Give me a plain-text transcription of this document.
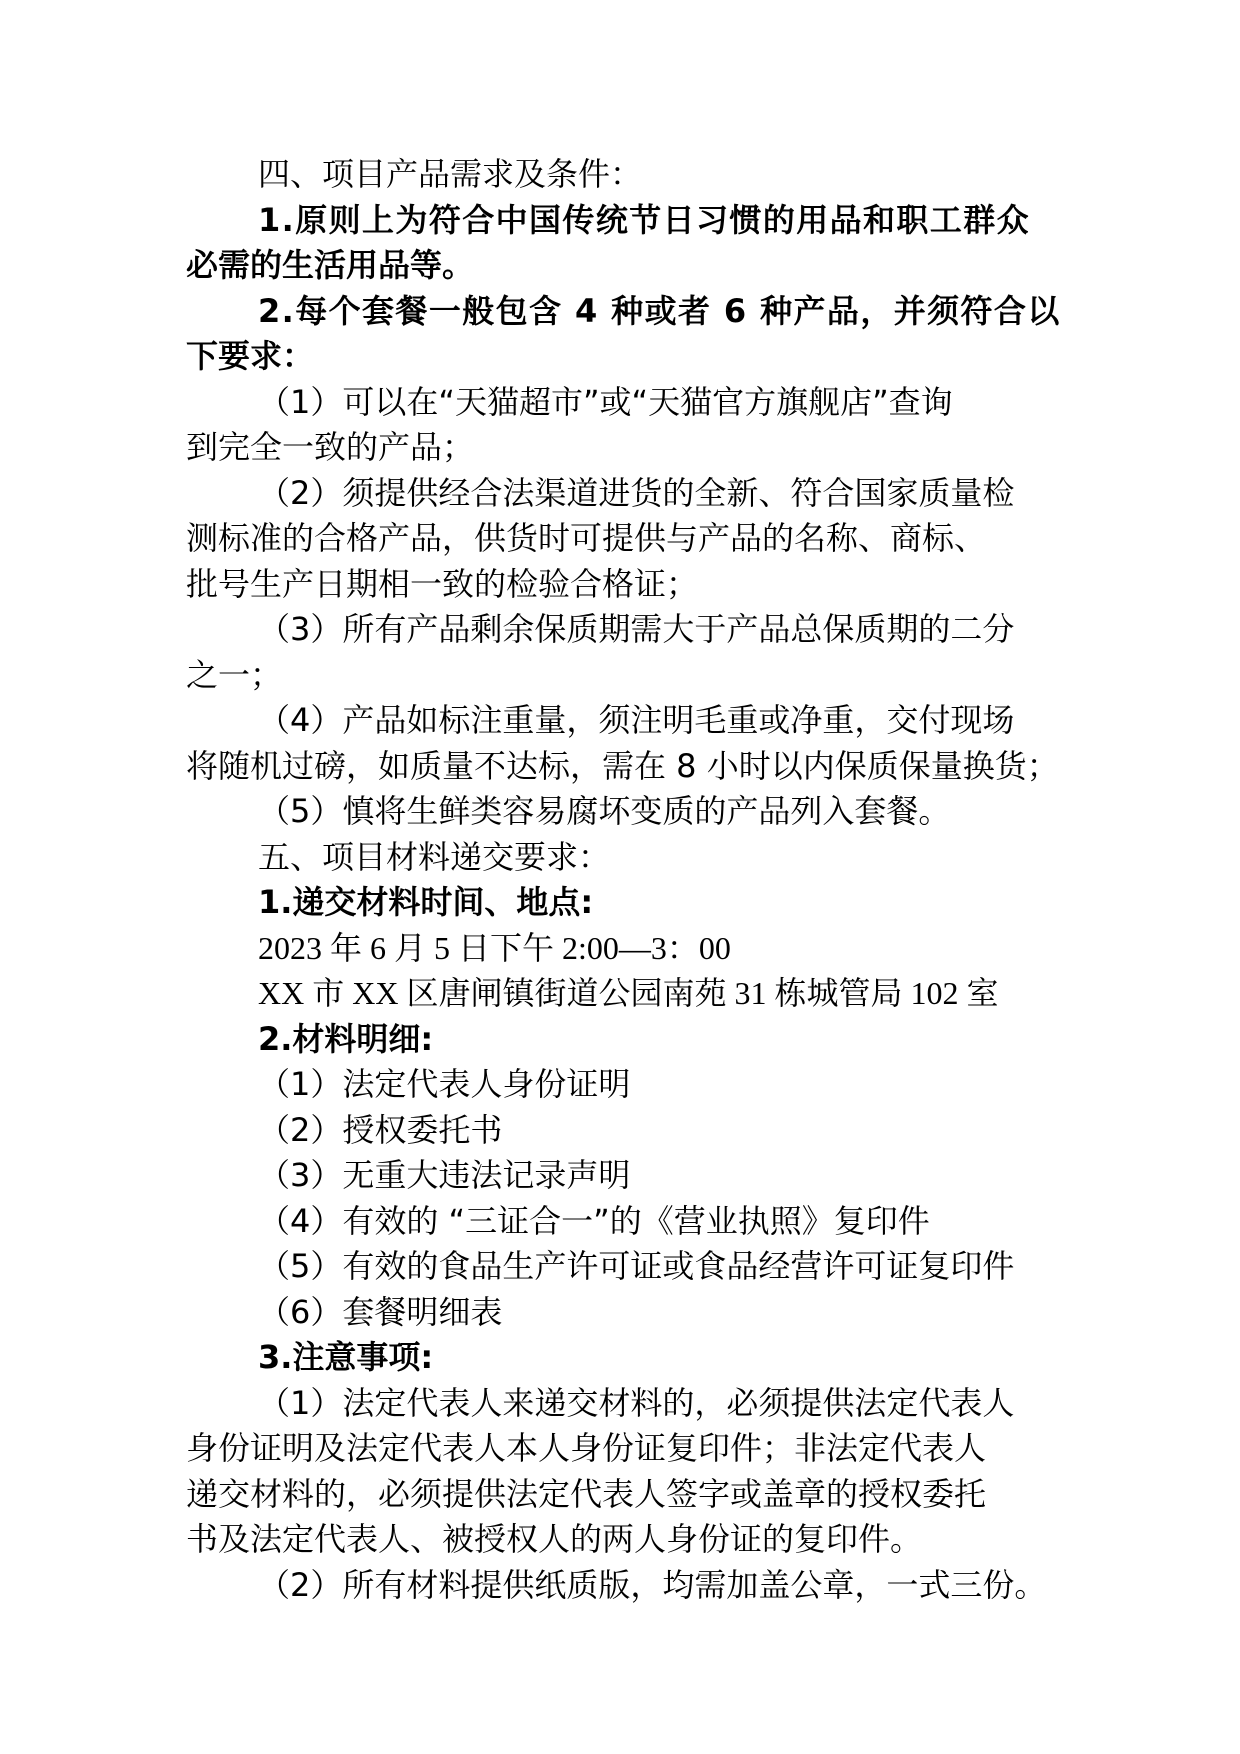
四、项目产品需求及条件：

1.原则上为符合中国传统节日习惯的用品和职工群众

必需的生活用品等。

2.每个套餐一般包含 4 种或者 6 种产品，并须符合以

下要求：

（1）可以在“天猫超市”或“天猫官方旗舰店”查询

到完全一致的产品；

（2）须提供经合法渠道进货的全新、符合国家质量检

测标准的合格产品，供货时可提供与产品的名称、商标、

批号生产日期相一致的检验合格证；

（3）所有产品剩余保质期需大于产品总保质期的二分

之一；

（4）产品如标注重量，须注明毛重或净重，交付现场

将随机过磅，如质量不达标，需在 8 小时以内保质保量换货；

（5）慎将生鲜类容易腐坏变质的产品列入套餐。

五、项目材料递交要求：

1.递交材料时间、地点:

2023 年 6 月 5 日下午 2:00—3：00

XX 市 XX 区唐闸镇街道公园南苑 31 栋城管局 102 室

2.材料明细:

（1）法定代表人身份证明

（2）授权委托书

（3）无重大违法记录声明

（4）有效的 “三证合一”的《营业执照》复印件

（5）有效的食品生产许可证或食品经营许可证复印件

（6）套餐明细表

3.注意事项:

（1）法定代表人来递交材料的，必须提供法定代表人

身份证明及法定代表人本人身份证复印件；非法定代表人

递交材料的，必须提供法定代表人签字或盖章的授权委托

书及法定代表人、被授权人的两人身份证的复印件。

（2）所有材料提供纸质版，均需加盖公章，一式三份。
